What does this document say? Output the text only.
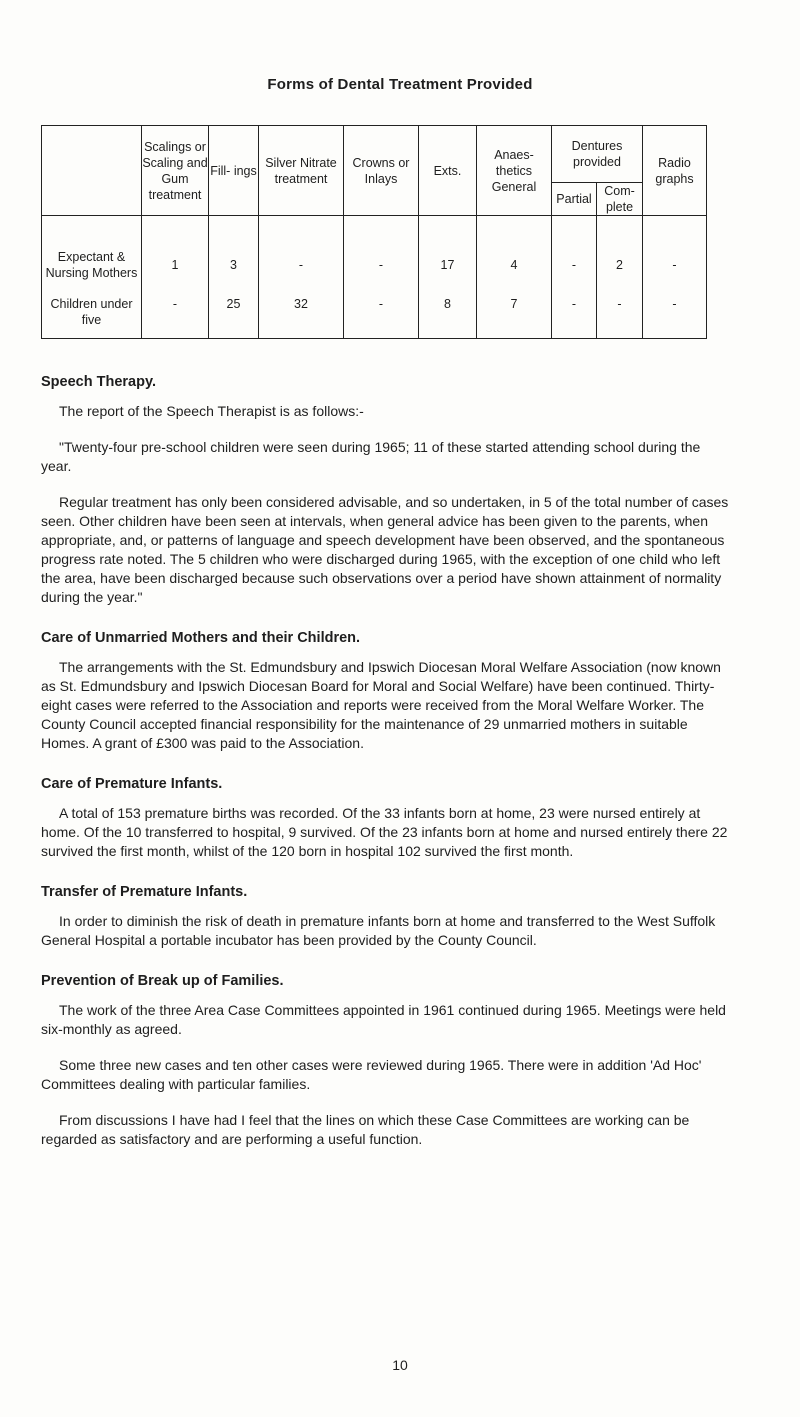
Forms of Dental Treatment Provided
	Scalings or Scaling and Gum treatment	Fill- ings	Silver Nitrate treatment	Crowns or Inlays	Exts.	Anaes- thetics General	Dentures provided		Radio graphs
							Partial	Com- plete	
Expectant & Nursing Mothers	1	3	-	-	17	4	-	2	-
Children under five	-	25	32	-	8	7	-	-	-
Speech Therapy.

The report of the Speech Therapist is as follows:-

"Twenty-four pre-school children were seen during 1965; 11 of these started attending school during the year.

Regular treatment has only been considered advisable, and so undertaken, in 5 of the total number of cases seen. Other children have been seen at intervals, when general advice has been given to the parents, when appropriate, and, or patterns of language and speech development have been observed, and the spontaneous progress rate noted. The 5 children who were discharged during 1965, with the exception of one child who left the area, have been discharged because such observations over a period have shown attainment of normality during the year."

Care of Unmarried Mothers and their Children.

The arrangements with the St. Edmundsbury and Ipswich Diocesan Moral Welfare Association (now known as St. Edmundsbury and Ipswich Diocesan Board for Moral and Social Welfare) have been continued. Thirty-eight cases were referred to the Association and reports were received from the Moral Welfare Worker. The County Council accepted financial responsibility for the maintenance of 29 unmarried mothers in suitable Homes. A grant of £300 was paid to the Association.

Care of Premature Infants.

A total of 153 premature births was recorded. Of the 33 infants born at home, 23 were nursed entirely at home. Of the 10 transferred to hospital, 9 survived. Of the 23 infants born at home and nursed entirely there 22 survived the first month, whilst of the 120 born in hospital 102 survived the first month.

Transfer of Premature Infants.

In order to diminish the risk of death in premature infants born at home and transferred to the West Suffolk General Hospital a portable incubator has been provided by the County Council.

Prevention of Break up of Families.

The work of the three Area Case Committees appointed in 1961 continued during 1965. Meetings were held six-monthly as agreed.

Some three new cases and ten other cases were reviewed during 1965. There were in addition 'Ad Hoc' Committees dealing with particular families.

From discussions I have had I feel that the lines on which these Case Committees are working can be regarded as satisfactory and are performing a useful function.

10
